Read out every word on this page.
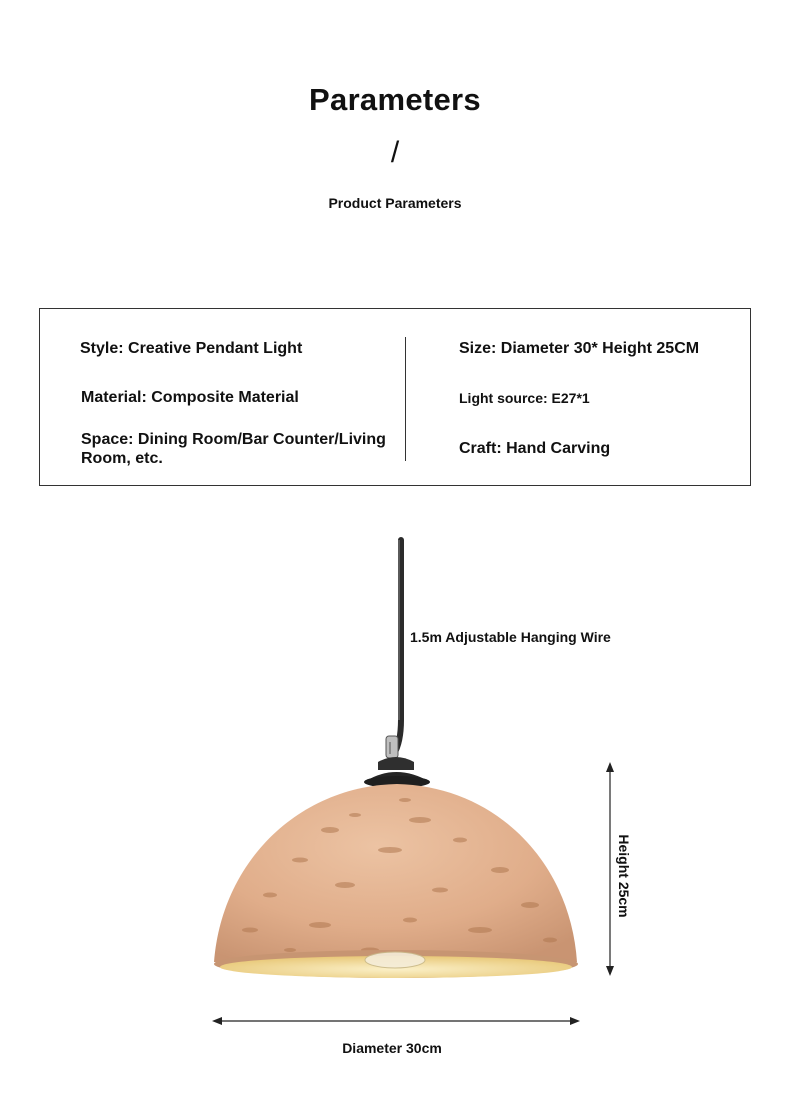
Parameters
/
Product Parameters
Style: Creative Pendant Light
Material: Composite Material
Space: Dining Room/Bar Counter/Living Room, etc.
Size: Diameter 30* Height 25CM
Light source: E27*1
Craft: Hand Carving
1.5m Adjustable Hanging Wire
Height 25cm
Diameter 30cm
